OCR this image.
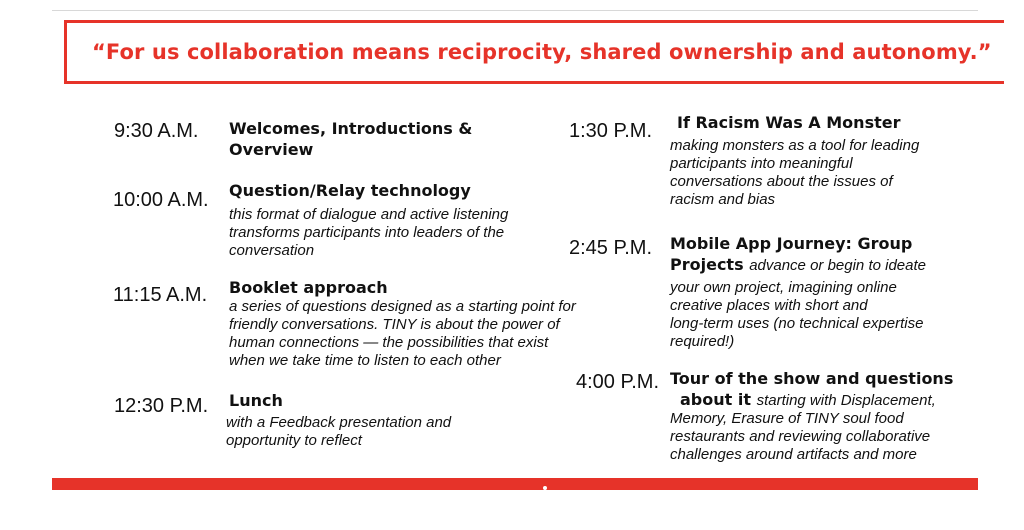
“For us collaboration means reciprocity, shared ownership and autonomy.”
9:30 A.M. Welcomes, Introductions &
Overview
10:00 A.M. Question/Relay technology
this format of dialogue and active listening
transforms participants into leaders of the
conversation
11:15 A.M. Booklet approach
a series of questions designed as a starting point for
friendly conversations. TINY is about the power of
human connections — the possibilities that exist
when we take time to listen to each other
12:30 P.M. Lunch
with a Feedback presentation and
opportunity to reflect
1:30 P.M. If Racism Was A Monster
making monsters as a tool for leading
participants into meaningful
conversations about the issues of
racism and bias
2:45 P.M. Mobile App Journey: Group
Projects advance or begin to ideate
your own project, imagining online
creative places with short and
long-term uses (no technical expertise
required!)
4:00 P.M. Tour of the show and questions
about it starting with Displacement,
Memory, Erasure of TINY soul food
restaurants and reviewing collaborative
challenges around artifacts and more
